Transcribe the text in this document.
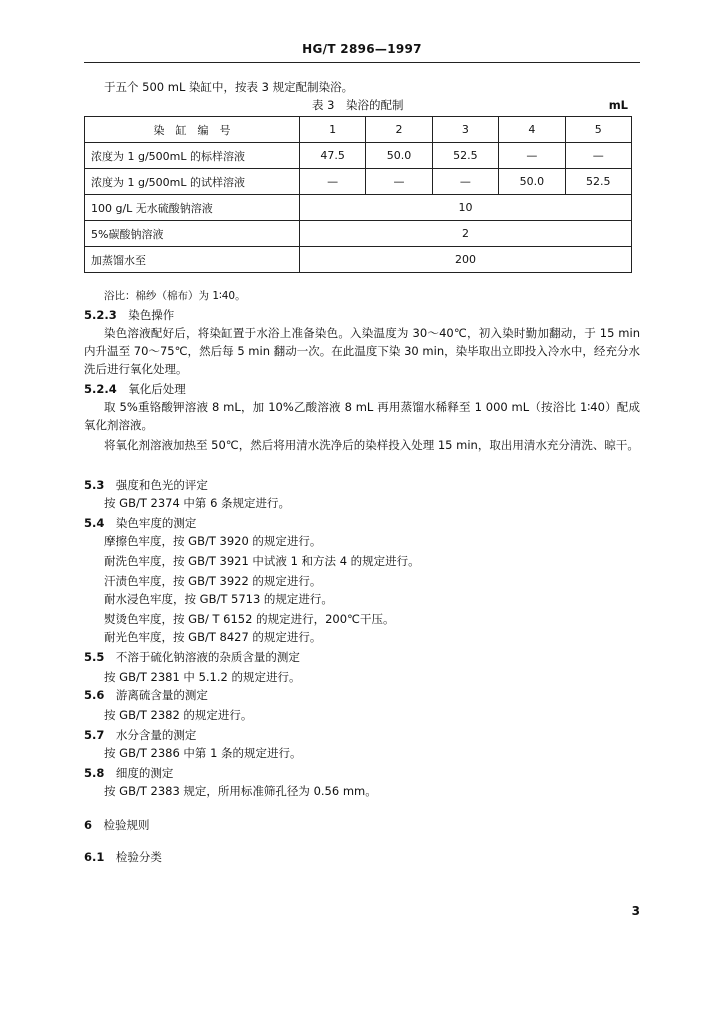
HG/T 2896—1997
于五个 500 mL 染缸中，按表 3 规定配制染浴。
表 3　染浴的配制	mL
染　缸　编　号	1	2	3	4	5
浓度为 1 g/500mL 的标样溶液	47.5	50.0	52.5	—	—
浓度为 1 g/500mL 的试样溶液	—	—	—	50.0	52.5
100 g/L 无水硫酸钠溶液	10				
5%碳酸钠溶液	2				
加蒸馏水至	200				
浴比：棉纱（棉布）为 1∶40。
5.2.3　 染色操作
染色溶液配好后，将染缸置于水浴上准备染色。入染温度为 30～40℃，初入染时勤加翻动，于 15 min 内升温至 70～75℃，然后每 5 min 翻动一次。在此温度下染 30 min，染毕取出立即投入冷水中，经充分水洗后进行氧化处理。
5.2.4　 氧化后处理
取 5%重铬酸钾溶液 8 mL，加 10%乙酸溶液 8 mL 再用蒸馏水稀释至 1 000 mL（按浴比 1∶40）配成氧化剂溶液。
将氧化剂溶液加热至 50℃，然后将用清水洗净后的染样投入处理 15 min，取出用清水充分清洗、晾干。
5.3　 强度和色光的评定
按 GB/T 2374 中第 6 条规定进行。
5.4　 染色牢度的测定
摩擦色牢度，按 GB/T 3920 的规定进行。
耐洗色牢度，按 GB/T 3921 中试液 1 和方法 4 的规定进行。
汗渍色牢度，按 GB/T 3922 的规定进行。
耐水浸色牢度，按 GB/T 5713 的规定进行。
熨烫色牢度，按 GB/ T 6152 的规定进行，200℃干压。
耐光色牢度，按 GB/T 8427 的规定进行。
5.5　 不溶于硫化钠溶液的杂质含量的测定
按 GB/T 2381 中 5.1.2 的规定进行。
5.6　 游离硫含量的测定
按 GB/T 2382 的规定进行。
5.7　 水分含量的测定
按 GB/T 2386 中第 1 条的规定进行。
5.8　 细度的测定
按 GB/T 2383 规定，所用标准筛孔径为 0.56 mm。
6　 检验规则
6.1　 检验分类
3
